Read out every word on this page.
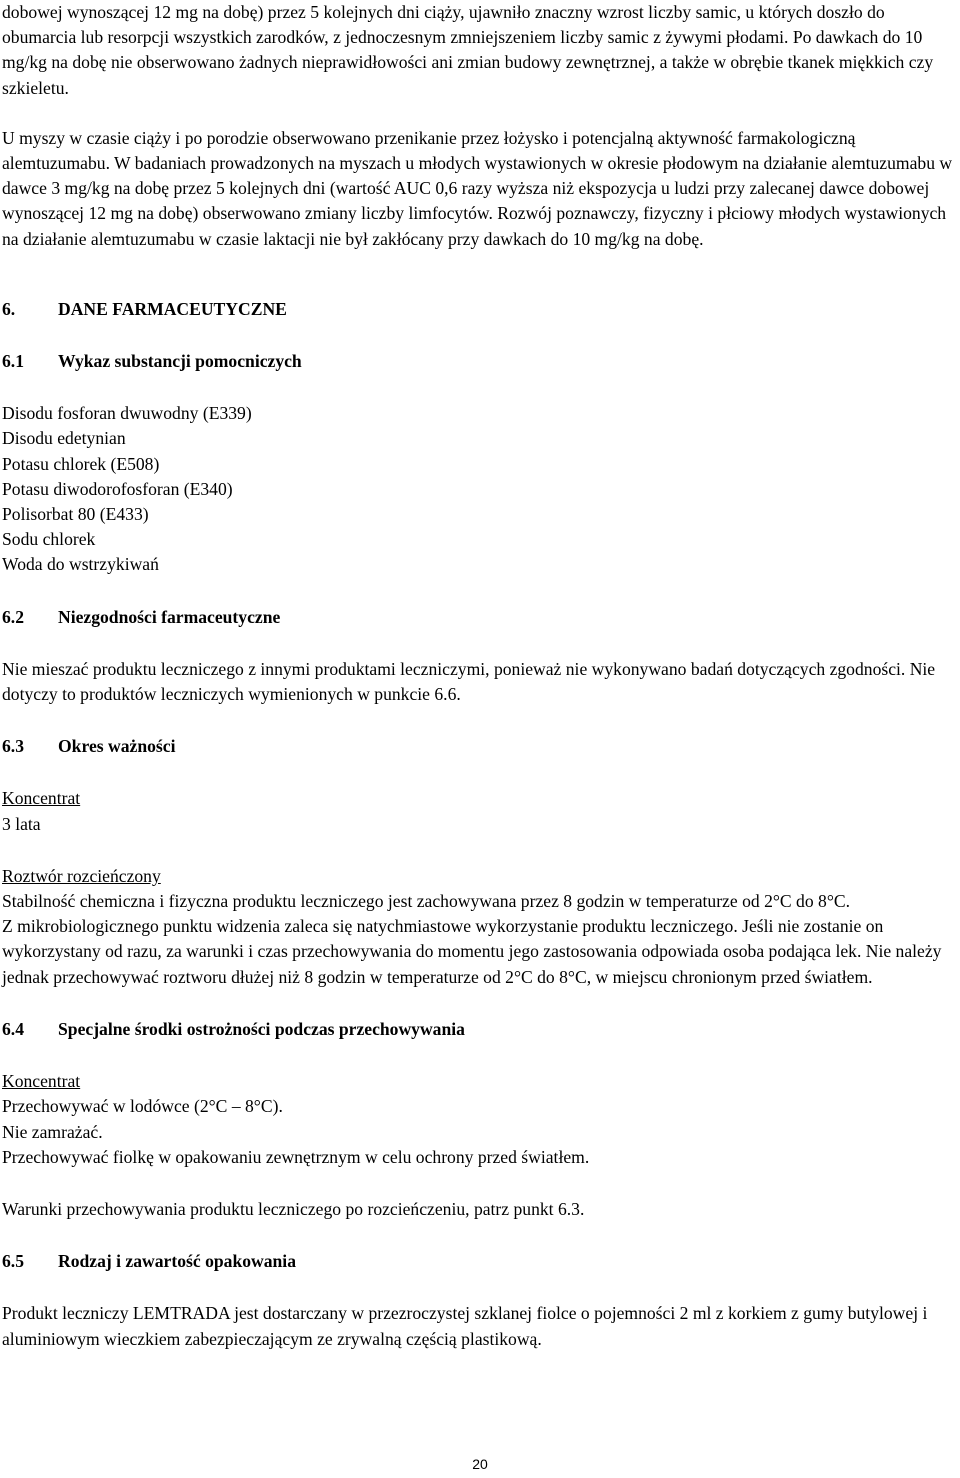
dobowej wynoszącej 12 mg na dobę) przez 5 kolejnych dni ciąży, ujawniło znaczny wzrost liczby samic, u których doszło do obumarcia lub resorpcji wszystkich zarodków, z jednoczesnym zmniejszeniem liczby samic z żywymi płodami. Po dawkach do 10 mg/kg na dobę nie obserwowano żadnych nieprawidłowości ani zmian budowy zewnętrznej, a także w obrębie tkanek miękkich czy szkieletu.

U myszy w czasie ciąży i po porodzie obserwowano przenikanie przez łożysko i potencjalną aktywność farmakologiczną alemtuzumabu. W badaniach prowadzonych na myszach u młodych wystawionych w okresie płodowym na działanie alemtuzumabu w dawce 3 mg/kg na dobę przez 5 kolejnych dni (wartość AUC 0,6 razy wyższa niż ekspozycja u ludzi przy zalecanej dawce dobowej wynoszącej 12 mg na dobę) obserwowano zmiany liczby limfocytów. Rozwój poznawczy, fizyczny i płciowy młodych wystawionych na działanie alemtuzumabu w czasie laktacji nie był zakłócany przy dawkach do 10 mg/kg na dobę.

6. DANE FARMACEUTYCZNE
6.1 Wykaz substancji pomocniczych
Disodu fosforan dwuwodny (E339)
Disodu edetynian
Potasu chlorek (E508)
Potasu diwodorofosforan (E340)
Polisorbat 80 (E433)
Sodu chlorek
Woda do wstrzykiwań
6.2 Niezgodności farmaceutyczne

Nie mieszać produktu leczniczego z innymi produktami leczniczymi, ponieważ nie wykonywano badań dotyczących zgodności. Nie dotyczy to produktów leczniczych wymienionych w punkcie 6.6.

6.3 Okres ważności
Koncentrat
3 lata
Roztwór rozcieńczony

Stabilność chemiczna i fizyczna produktu leczniczego jest zachowywana przez 8 godzin w temperaturze od 2°C do 8°C.

Z mikrobiologicznego punktu widzenia zaleca się natychmiastowe wykorzystanie produktu leczniczego. Jeśli nie zostanie on wykorzystany od razu, za warunki i czas przechowywania do momentu jego zastosowania odpowiada osoba podająca lek. Nie należy jednak przechowywać roztworu dłużej niż 8 godzin w temperaturze od 2°C do 8°C, w miejscu chronionym przed światłem.

6.4 Specjalne środki ostrożności podczas przechowywania
Koncentrat
Przechowywać w lodówce (2°C – 8°C).
Nie zamrażać.
Przechowywać fiolkę w opakowaniu zewnętrznym w celu ochrony przed światłem.

Warunki przechowywania produktu leczniczego po rozcieńczeniu, patrz punkt 6.3.

6.5 Rodzaj i zawartość opakowania

Produkt leczniczy LEMTRADA jest dostarczany w przezroczystej szklanej fiolce o pojemności 2 ml z korkiem z gumy butylowej i aluminiowym wieczkiem zabezpieczającym ze zrywalną częścią plastikową.

20
